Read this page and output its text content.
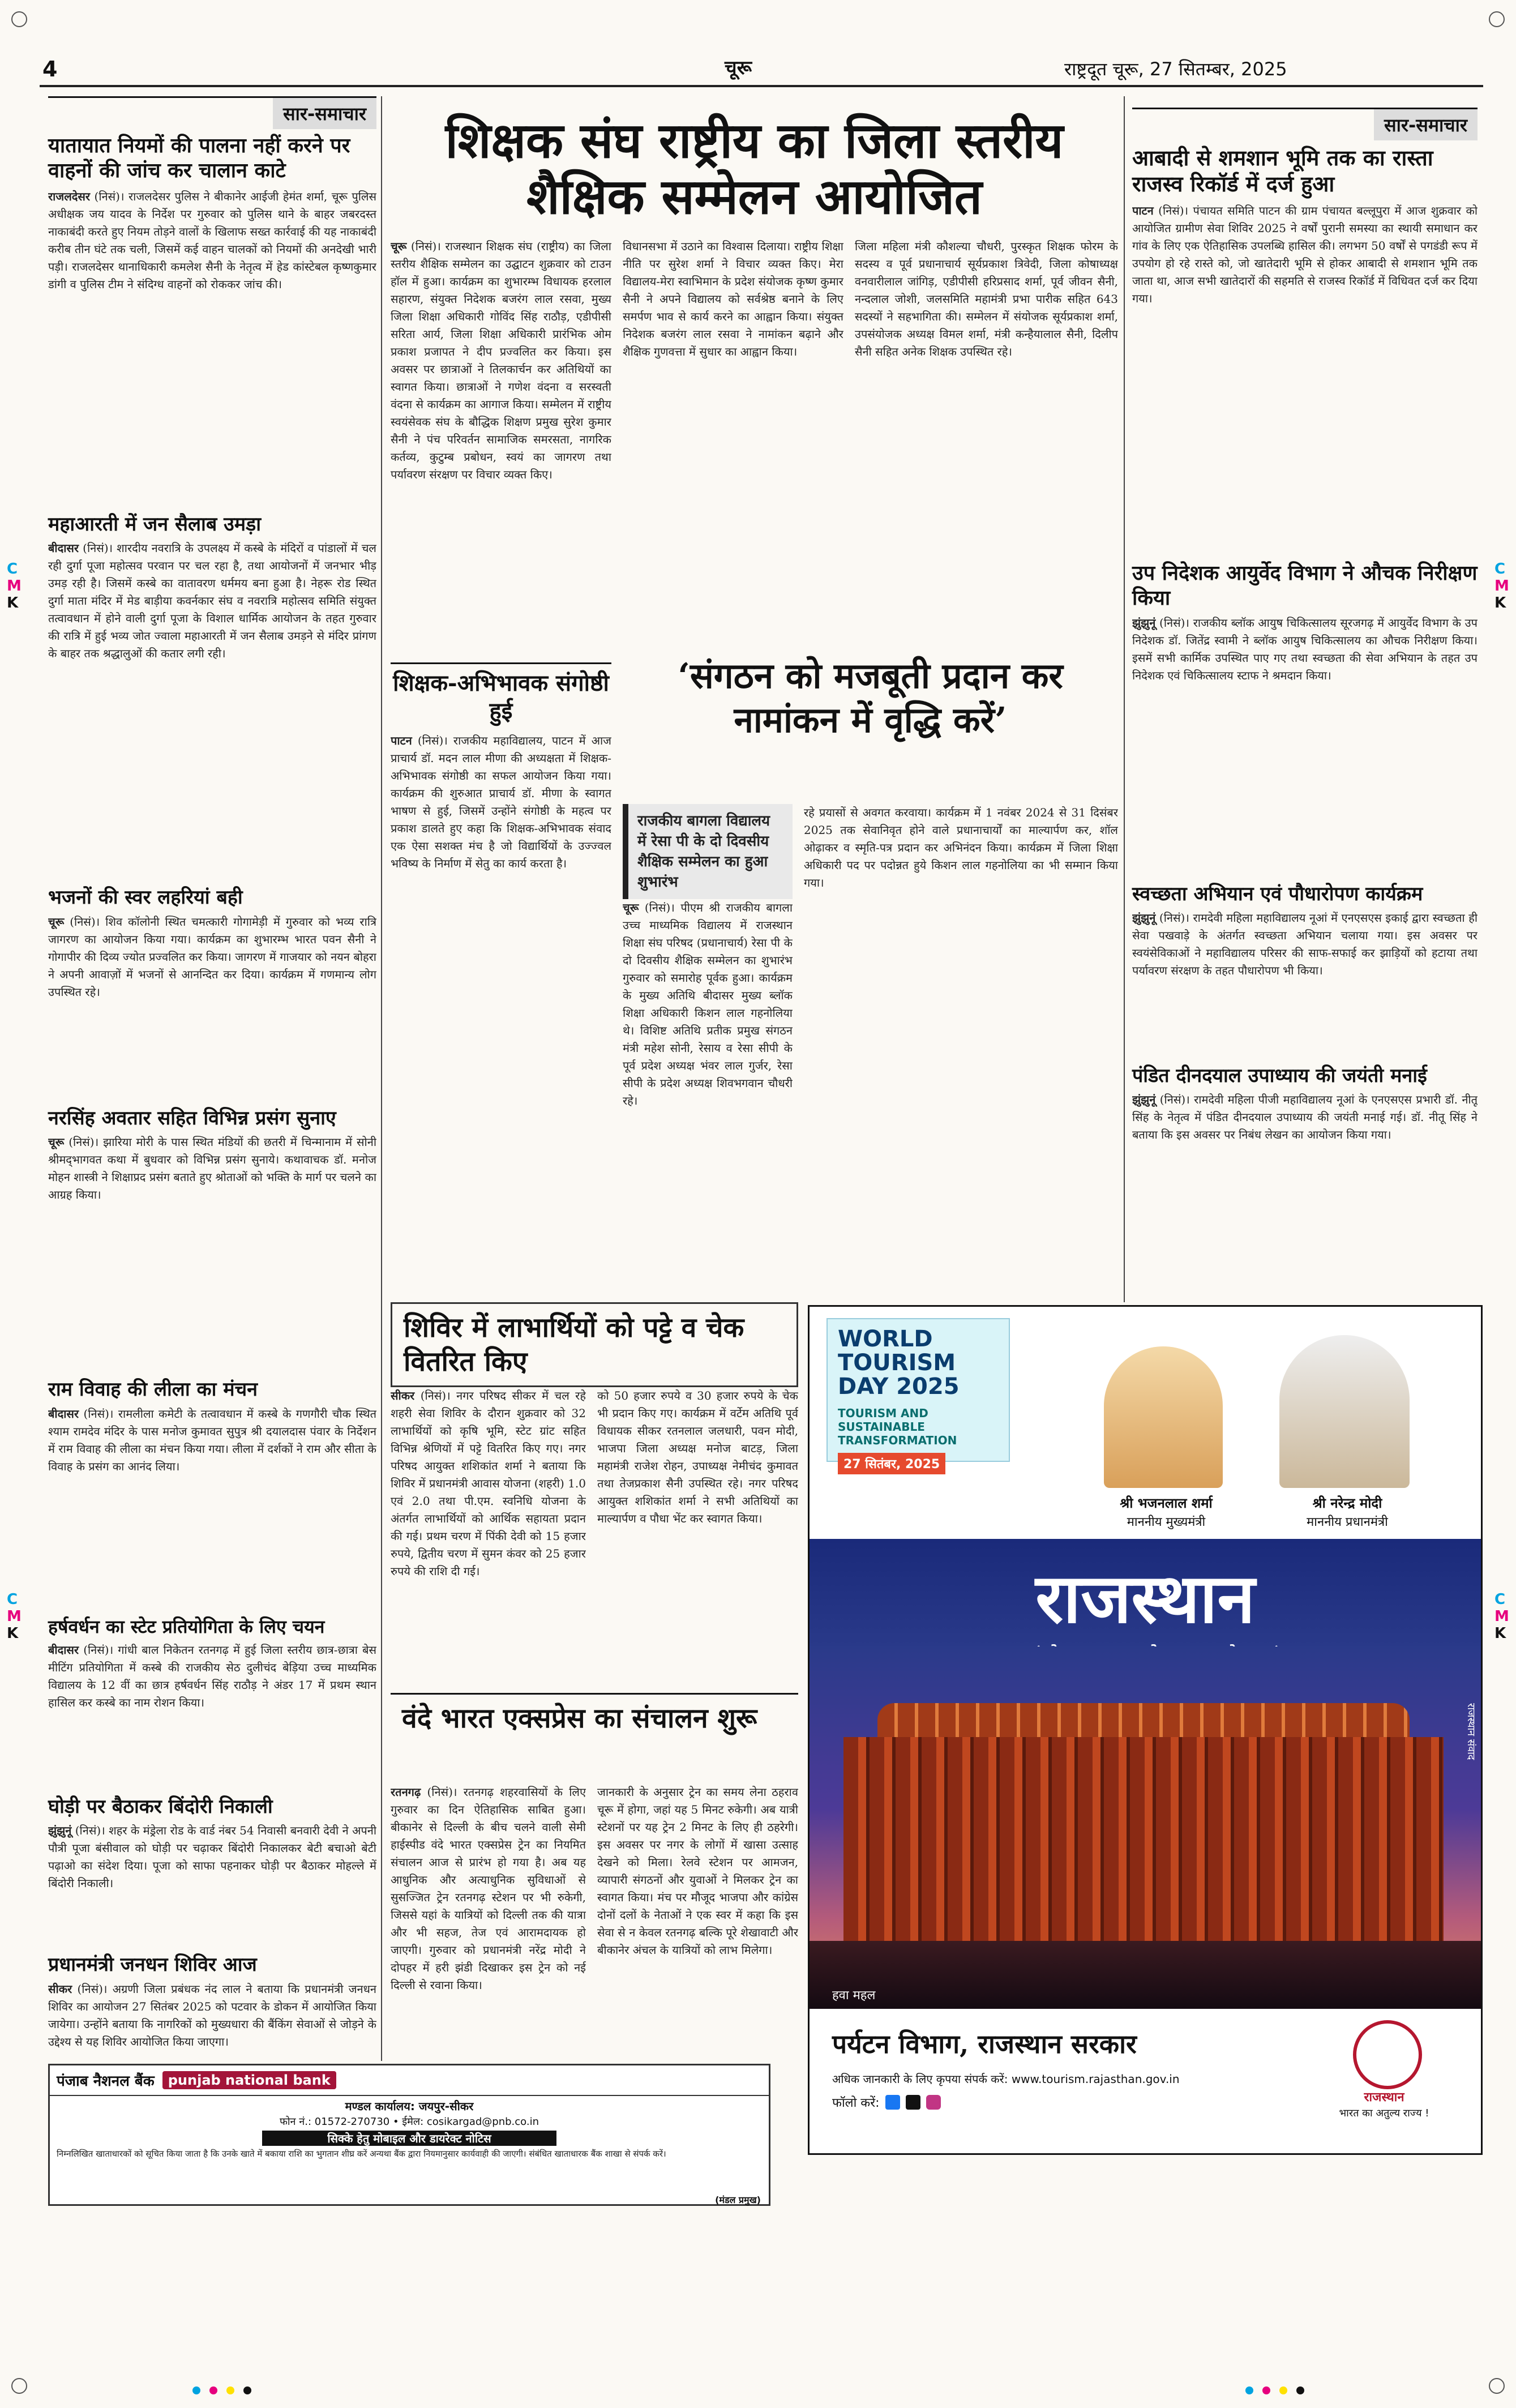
4	चूरू	राष्ट्रदूत चूरू, 27 सितम्बर, 2025
C
M
K
C
M
K
C
M
K
C
M
K
सार-समाचार
यातायात नियमों की पालना नहीं करने पर वाहनों की जांच कर चालान काटे
राजलदेसर (निसं)। राजलदेसर पुलिस ने बीकानेर आईजी हेमंत शर्मा, चूरू पुलिस अधीक्षक जय यादव के निर्देश पर गुरुवार को पुलिस थाने के बाहर जबरदस्त नाकाबंदी करते हुए नियम तोड़ने वालों के खिलाफ सख्त कार्रवाई की यह नाकाबंदी करीब तीन घंटे तक चली, जिसमें कई वाहन चालकों को नियमों की अनदेखी भारी पड़ी। राजलदेसर थानाधिकारी कमलेश सैनी के नेतृत्व में हेड कांस्टेबल कृष्णकुमार डांगी व पुलिस टीम ने संदिग्ध वाहनों को रोककर जांच की।
महाआरती में जन सैलाब उमड़ा
बीदासर (निसं)। शारदीय नवरात्रि के उपलक्ष्य में कस्बे के मंदिरों व पांडालों में चल रही दुर्गा पूजा महोत्सव परवान पर चल रहा है, तथा आयोजनों में जनभार भीड़ उमड़ रही है। जिसमें कस्बे का वातावरण धर्ममय बना हुआ है। नेहरू रोड स्थित दुर्गा माता मंदिर में मेड बाड़ीया कवर्नकार संघ व नवरात्रि महोत्सव समिति संयुक्त तत्वावधान में होने वाली दुर्गा पूजा के विशाल धार्मिक आयोजन के तहत गुरुवार की रात्रि में हुई भव्य जोत ज्वाला महाआरती में जन सैलाब उमड़ने से मंदिर प्रांगण के बाहर तक श्रद्धालुओं की कतार लगी रही।
भजनों की स्वर लहरियां बही
चूरू (निसं)। शिव कॉलोनी स्थित चमत्कारी गोगामेड़ी में गुरुवार को भव्य रात्रि जागरण का आयोजन किया गया। कार्यक्रम का शुभारम्भ भारत पवन सैनी ने गोगापीर की दिव्य ज्योत प्रज्वलित कर किया। जागरण में गाजयार को नयन बोहरा ने अपनी आवाज़ों में भजनों से आनन्दित कर दिया। कार्यक्रम में गणमान्य लोग उपस्थित रहे।
नरसिंह अवतार सहित विभिन्न प्रसंग सुनाए
चूरू (निसं)। झारिया मोरी के पास स्थित मंडियों की छतरी में चिन्मानाम में सोनी श्रीमद्‍भागवत कथा में बुधवार को विभिन्न प्रसंग सुनाये। कथावाचक डॉ. मनोज मोहन शास्त्री ने शिक्षाप्रद प्रसंग बताते हुए श्रोताओं को भक्ति के मार्ग पर चलने का आग्रह किया।
राम विवाह की लीला का मंचन
बीदासर (निसं)। रामलीला कमेटी के तत्वावधान में कस्बे के गणगौरी चौक स्थित श्याम रामदेव मंदिर के पास मनोज कुमावत सुपुत्र श्री दयालदास पंवार के निर्देशन में राम विवाह की लीला का मंचन किया गया। लीला में दर्शकों ने राम और सीता के विवाह के प्रसंग का आनंद लिया।
हर्षवर्धन का स्टेट प्रतियोगिता के लिए चयन
बीदासर (निसं)। गांधी बाल निकेतन रतनगढ़ में हुई जिला स्तरीय छात्र-छात्रा बेस मीटिंग प्रतियोगिता में कस्बे की राजकीय सेठ दुलीचंद बेड़िया उच्च माध्यमिक विद्यालय के 12 वीं का छात्र हर्षवर्धन सिंह राठौड़ ने अंडर 17 में प्रथम स्थान हासिल कर कस्बे का नाम रोशन किया।
घोड़ी पर बैठाकर बिंदोरी निकाली
झुंझुनूं (निसं)। शहर के मंड्रेला रोड के वार्ड नंबर 54 निवासी बनवारी देवी ने अपनी पौत्री पूजा बंसीवाल को घोड़ी पर चढ़ाकर बिंदोरी निकालकर बेटी बचाओ बेटी पढ़ाओ का संदेश दिया। पूजा को साफा पहनाकर घोड़ी पर बैठाकर मोहल्ले में बिंदोरी निकाली।
प्रधानमंत्री जनधन शिविर आज
सीकर (निसं)। अग्रणी जिला प्रबंधक नंद लाल ने बताया कि प्रधानमंत्री जनधन शिविर का आयोजन 27 सितंबर 2025 को पटवार के डोकन में आयोजित किया जायेगा। उन्होंने बताया कि नागरिकों को मुख्यधारा की बैंकिंग सेवाओं से जोड़ने के उद्देश्य से यह शिविर आयोजित किया जाएगा।
पंजाब नैशनल बैंक	punjab national bank
मण्डल कार्यालय: जयपुर-सीकर
फोन नं.: 01572-270730 • ईमेल: cosikargad@pnb.co.in
सिक्के हेतु मोबाइल और डायरेक्ट नोटिस
निम्नलिखित खाताधारकों को सूचित किया जाता है कि उनके खाते में बकाया राशि का भुगतान शीघ्र करें अन्यथा बैंक द्वारा नियमानुसार कार्यवाही की जाएगी। संबंधित खाताधारक बैंक शाखा से संपर्क करें।
(मंडल प्रमुख)
शिक्षक संघ राष्ट्रीय का जिला स्तरीय शैक्षिक सम्मेलन आयोजित
चूरू (निसं)। राजस्थान शिक्षक संघ (राष्ट्रीय) का जिला स्तरीय शैक्षिक सम्मेलन का उद्घाटन शुक्रवार को टाउन हॉल में हुआ। कार्यक्रम का शुभारम्भ विधायक हरलाल सहारण, संयुक्त निदेशक बजरंग लाल रसवा, मुख्य जिला शिक्षा अधिकारी गोविंद सिंह राठौड़, एडीपीसी सरिता आर्य, जिला शिक्षा अधिकारी प्रारंभिक ओम प्रकाश प्रजापत ने दीप प्रज्वलित कर किया। इस अवसर पर छात्राओं ने तिलकार्चन कर अतिथियों का स्वागत किया। छात्राओं ने गणेश वंदना व सरस्वती वंदना से कार्यक्रम का आगाज किया। सम्मेलन में राष्ट्रीय स्वयंसेवक संघ के बौद्धिक शिक्षण प्रमुख सुरेश कुमार सैनी ने पंच परिवर्तन सामाजिक समरसता, नागरिक कर्तव्य, कुटुम्ब प्रबोधन, स्वयं का जागरण तथा पर्यावरण संरक्षण पर विचार व्यक्त किए।
विधानसभा में उठाने का विश्वास दिलाया। राष्ट्रीय शिक्षा नीति पर सुरेश शर्मा ने विचार व्यक्त किए। मेरा विद्यालय-मेरा स्वाभिमान के प्रदेश संयोजक कृष्ण कुमार सैनी ने अपने विद्यालय को सर्वश्रेष्ठ बनाने के लिए समर्पण भाव से कार्य करने का आह्वान किया। संयुक्त निदेशक बजरंग लाल रसवा ने नामांकन बढ़ाने और शैक्षिक गुणवत्ता में सुधार का आह्वान किया।
जिला महिला मंत्री कौशल्या चौधरी, पुरस्कृत शिक्षक फोरम के सदस्य व पूर्व प्रधानाचार्य सूर्यप्रकाश त्रिवेदी, जिला कोषाध्यक्ष वनवारीलाल जांगिड़, एडीपीसी हरिप्रसाद शर्मा, पूर्व जीवन सैनी, नन्दलाल जोशी, जलसमिति महामंत्री प्रभा पारीक सहित 643 सदस्यों ने सहभागिता की। सम्मेलन में संयोजक सूर्यप्रकाश शर्मा, उपसंयोजक अध्यक्ष विमल शर्मा, मंत्री कन्हैयालाल सैनी, दिलीप सैनी सहित अनेक शिक्षक उपस्थित रहे।
शिक्षक-अभिभावक संगोष्ठी हुई
पाटन (निसं)। राजकीय महाविद्यालय, पाटन में आज प्राचार्य डॉ. मदन लाल मीणा की अध्यक्षता में शिक्षक-अभिभावक संगोष्ठी का सफल आयोजन किया गया। कार्यक्रम की शुरुआत प्राचार्य डॉ. मीणा के स्वागत भाषण से हुई, जिसमें उन्होंने संगोष्ठी के महत्व पर प्रकाश डालते हुए कहा कि शिक्षक-अभिभावक संवाद एक ऐसा सशक्त मंच है जो विद्यार्थियों के उज्ज्वल भविष्य के निर्माण में सेतु का कार्य करता है।
‘संगठन को मजबूती प्रदान कर नामांकन में वृद्धि करें’
राजकीय बागला विद्यालय में रेसा पी के दो दिवसीय शैक्षिक सम्मेलन का हुआ शुभारंभ
चूरू (निसं)। पीएम श्री राजकीय बागला उच्च माध्यमिक विद्यालय में राजस्थान शिक्षा संघ परिषद (प्रधानाचार्य) रेसा पी के दो दिवसीय शैक्षिक सम्मेलन का शुभारंभ गुरुवार को समारोह पूर्वक हुआ। कार्यक्रम के मुख्य अतिथि बीदासर मुख्य ब्लॉक शिक्षा अधिकारी किशन लाल गहनोलिया थे। विशिष्ट अतिथि प्रतीक प्रमुख संगठन मंत्री महेश सोनी, रेसाय व रेसा सीपी के पूर्व प्रदेश अध्यक्ष भंवर लाल गुर्जर, रेसा सीपी के प्रदेश अध्यक्ष शिवभगवान चौधरी रहे।
रहे प्रयासों से अवगत करवाया। कार्यक्रम में 1 नवंबर 2024 से 31 दिसंबर 2025 तक सेवानिवृत होने वाले प्रधानाचार्यों का माल्यार्पण कर, शॉल ओढ़ाकर व स्मृति-पत्र प्रदान कर अभिनंदन किया। कार्यक्रम में जिला शिक्षा अधिकारी पद पर पदोन्नत हुये किशन लाल गहनोलिया का भी सम्मान किया गया।
शिविर में लाभार्थियों को पट्टे व चेक वितरित किए
सीकर (निसं)। नगर परिषद सीकर में चल रहे शहरी सेवा शिविर के दौरान शुक्रवार को 32 लाभार्थियों को कृषि भूमि, स्टेट ग्रांट सहित विभिन्न श्रेणियों में पट्टे वितरित किए गए। नगर परिषद आयुक्त शशिकांत शर्मा ने बताया कि शिविर में प्रधानमंत्री आवास योजना (शहरी) 1.0 एवं 2.0 तथा पी.एम. स्वनिधि योजना के अंतर्गत लाभार्थियों को आर्थिक सहायता प्रदान की गई। प्रथम चरण में पिंकी देवी को 15 हजार रुपये, द्वितीय चरण में सुमन कंवर को 25 हजार रुपये की राशि दी गई।
को 50 हजार रुपये व 30 हजार रुपये के चेक भी प्रदान किए गए। कार्यक्रम में वर्टेम अतिथि पूर्व विधायक सीकर रतनलाल जलधारी, पवन मोदी, भाजपा जिला अध्यक्ष मनोज बाटड़, जिला महामंत्री राजेश रोहन, उपाध्यक्ष नेमीचंद कुमावत तथा तेजप्रकाश सैनी उपस्थित रहे। नगर परिषद आयुक्त शशिकांत शर्मा ने सभी अतिथियों का माल्यार्पण व पौधा भेंट कर स्वागत किया।
वंदे भारत एक्सप्रेस का संचालन शुरू
रतनगढ़ (निसं)। रतनगढ़ शहरवासियों के लिए गुरुवार का दिन ऐतिहासिक साबित हुआ। बीकानेर से दिल्ली के बीच चलने वाली सेमी हाईस्पीड वंदे भारत एक्सप्रेस ट्रेन का नियमित संचालन आज से प्रारंभ हो गया है। अब यह आधुनिक और अत्याधुनिक सुविधाओं से सुसज्जित ट्रेन रतनगढ़ स्टेशन पर भी रुकेगी, जिससे यहां के यात्रियों को दिल्ली तक की यात्रा और भी सहज, तेज एवं आरामदायक हो जाएगी। गुरुवार को प्रधानमंत्री नरेंद्र मोदी ने दोपहर में हरी झंडी दिखाकर इस ट्रेन को नई दिल्ली से रवाना किया।
जानकारी के अनुसार ट्रेन का समय लेना ठहराव चूरू में होगा, जहां यह 5 मिनट रुकेगी। अब यात्री स्टेशनों पर यह ट्रेन 2 मिनट के लिए ही ठहरेगी। इस अवसर पर नगर के लोगों में खासा उत्साह देखने को मिला। रेलवे स्टेशन पर आमजन, व्यापारी संगठनों और युवाओं ने मिलकर ट्रेन का स्वागत किया। मंच पर मौजूद भाजपा और कांग्रेस दोनों दलों के नेताओं ने एक स्वर में कहा कि इस सेवा से न केवल रतनगढ़ बल्कि पूरे शेखावाटी और बीकानेर अंचल के यात्रियों को लाभ मिलेगा।
सार-समाचार
आबादी से शमशान भूमि तक का रास्ता राजस्व रिकॉर्ड में दर्ज हुआ
पाटन (निसं)। पंचायत समिति पाटन की ग्राम पंचायत बल्लूपुरा में आज शुक्रवार को आयोजित ग्रामीण सेवा शिविर 2025 ने वर्षों पुरानी समस्या का स्थायी समाधान कर गांव के लिए एक ऐतिहासिक उपलब्धि हासिल की। लगभग 50 वर्षों से पगडंडी रूप में उपयोग हो रहे रास्ते को, जो खातेदारी भूमि से होकर आबादी से शमशान भूमि तक जाता था, आज सभी खातेदारों की सहमति से राजस्व रिकॉर्ड में विधिवत दर्ज कर दिया गया।
उप निदेशक आयुर्वेद विभाग ने औचक निरीक्षण किया
झुंझुनूं (निसं)। राजकीय ब्लॉक आयुष चिकित्सालय सूरजगढ़ में आयुर्वेद विभाग के उप निदेशक डॉ. जितेंद्र स्वामी ने ब्लॉक आयुष चिकित्सालय का औचक निरीक्षण किया। इसमें सभी कार्मिक उपस्थित पाए गए तथा स्वच्छता की सेवा अभियान के तहत उप निदेशक एवं चिकित्सालय स्टाफ ने श्रमदान किया।
स्वच्छता अभियान एवं पौधारोपण कार्यक्रम
झुंझुनूं (निसं)। रामदेवी महिला महाविद्यालय नूआं में एनएसएस इकाई द्वारा स्वच्छता ही सेवा पखवाड़े के अंतर्गत स्वच्छता अभियान चलाया गया। इस अवसर पर स्वयंसेविकाओं ने महाविद्यालय परिसर की साफ-सफाई कर झाड़ियों को हटाया तथा पर्यावरण संरक्षण के तहत पौधारोपण भी किया।
पंडित दीनदयाल उपाध्याय की जयंती मनाई
झुंझुनूं (निसं)। रामदेवी महिला पीजी महाविद्यालय नूआं के एनएसएस प्रभारी डॉ. नीतू सिंह के नेतृत्व में पंडित दीनदयाल उपाध्याय की जयंती मनाई गई। डॉ. नीतू सिंह ने बताया कि इस अवसर पर निबंध लेखन का आयोजन किया गया।
WORLD TOURISM DAY 2025
TOURISM AND SUSTAINABLE TRANSFORMATION
27 सितंबर, 2025
श्री भजनलाल शर्मा
माननीय मुख्यमंत्री
श्री नरेन्द्र मोदी
माननीय प्रधानमंत्री
राजस्थान
हवा महल
राजस्थान संवाद
पर्यटन विभाग, राजस्थान सरकार
अधिक जानकारी के लिए कृपया संपर्क करें: www.tourism.rajasthan.gov.in
फॉलो करें:	राजस्थान
भारत का अतुल्य राज्य !
